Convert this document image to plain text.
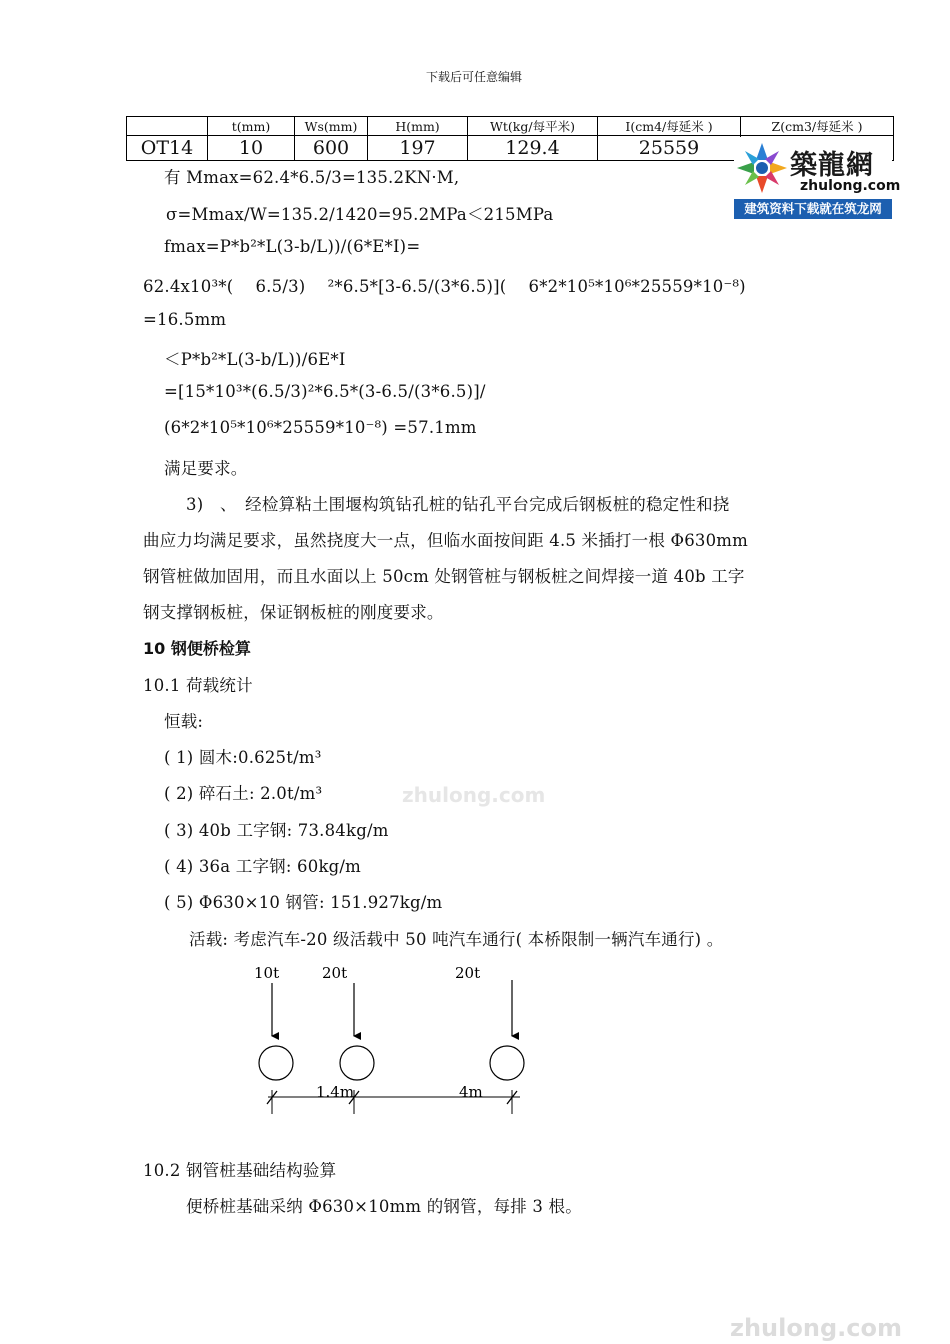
下载后可任意编辑
	t(mm)	Ws(mm)	H(mm)	Wt(kg/每平米)	I(cm4/每延米 )	Z(cm3/每延米 )
OT14	10	600	197	129.4	25559	
築龍網
zhulong.com
建筑资料下载就在筑龙网
zhulong.com
zhulong.com
有 Mmax=62.4*6.5/3=135.2KN·M,
σ=Mmax/W=135.2/1420=95.2MPa＜215MPa
fmax=P*b²*L(3-b/L))/(6*E*I)=
62.4x10³*(　 6.5/3)　 ²*6.5*[3-6.5/(3*6.5)](　 6*2*10⁵*10⁶*25559*10⁻⁸)
=16.5mm
＜P*b²*L(3-b/L))/6E*I
=[15*10³*(6.5/3)²*6.5*(3-6.5/(3*6.5)]/
(6*2*10⁵*10⁶*25559*10⁻⁸) =57.1mm
满足要求。
3)　、　经检算粘土围堰构筑钻孔桩的钻孔平台完成后钢板桩的稳定性和挠
曲应力均满足要求，虽然挠度大一点，但临水面按间距 4.5 米插打一根 Φ630mm
钢管桩做加固用，而且水面以上 50cm 处钢管桩与钢板桩之间焊接一道 40b 工字
钢支撑钢板桩，保证钢板桩的刚度要求。
10 钢便桥检算
10.1 荷载统计
恒载:
( 1) 圆木:0.625t/m³
( 2) 碎石土: 2.0t/m³
( 3) 40b 工字钢: 73.84kg/m
( 4) 36a 工字钢: 60kg/m
( 5) Φ630×10 钢管: 151.927kg/m
活载: 考虑汽车-20 级活载中 50 吨汽车通行( 本桥限制一辆汽车通行) 。
10t	20t	20t
1.4m	4m
10.2 钢管桩基础结构验算
便桥桩基础采纳 Φ630×10mm 的钢管，每排 3 根。
